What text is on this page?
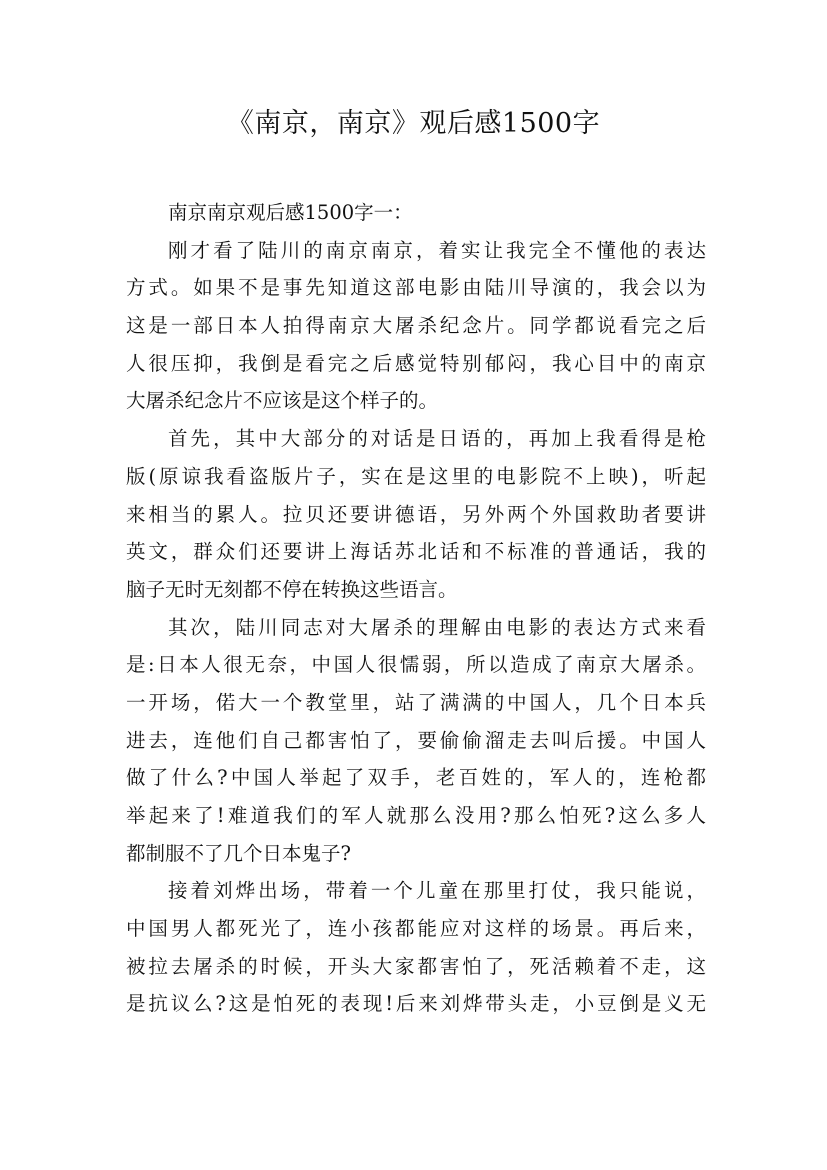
《南京，南京》观后感1500字
南京南京观后感1500字一：
刚才看了陆川的南京南京，着实让我完全不懂他的表达
方式。如果不是事先知道这部电影由陆川导演的，我会以为
这是一部日本人拍得南京大屠杀纪念片。同学都说看完之后
人很压抑，我倒是看完之后感觉特别郁闷，我心目中的南京
大屠杀纪念片不应该是这个样子的。
首先，其中大部分的对话是日语的，再加上我看得是枪
版(原谅我看盗版片子，实在是这里的电影院不上映)，听起
来相当的累人。拉贝还要讲德语，另外两个外国救助者要讲
英文，群众们还要讲上海话苏北话和不标准的普通话，我的
脑子无时无刻都不停在转换这些语言。
其次，陆川同志对大屠杀的理解由电影的表达方式来看
是:日本人很无奈，中国人很懦弱，所以造成了南京大屠杀。
一开场，偌大一个教堂里，站了满满的中国人，几个日本兵
进去，连他们自己都害怕了，要偷偷溜走去叫后援。中国人
做了什么?中国人举起了双手，老百姓的，军人的，连枪都
举起来了!难道我们的军人就那么没用?那么怕死?这么多人
都制服不了几个日本鬼子?
接着刘烨出场，带着一个儿童在那里打仗，我只能说，
中国男人都死光了，连小孩都能应对这样的场景。再后来，
被拉去屠杀的时候，开头大家都害怕了，死活赖着不走，这
是抗议么?这是怕死的表现!后来刘烨带头走，小豆倒是义无
